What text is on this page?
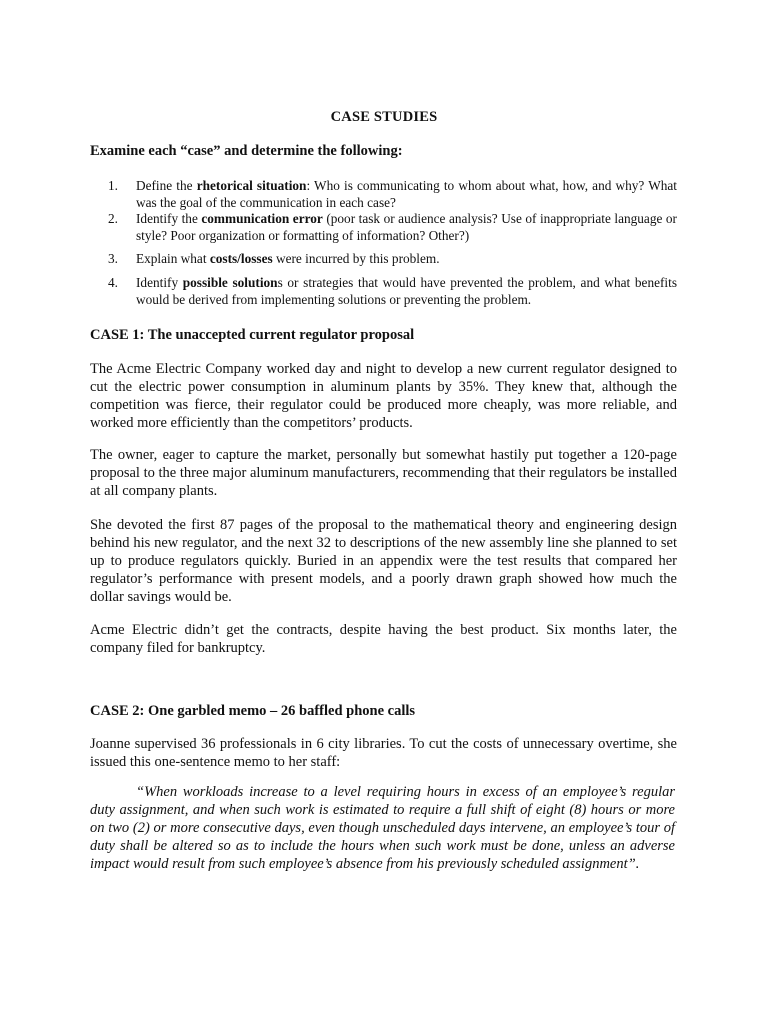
CASE STUDIES
Examine each “case” and determine the following:
1.	Define the rhetorical situation: Who is communicating to whom about what, how, and why? What was the goal of the communication in each case?
2.	Identify the communication error (poor task or audience analysis? Use of inappropriate language or style? Poor organization or formatting of information? Other?)
3.	Explain what costs/losses were incurred by this problem.
4.	Identify possible solutions or strategies that would have prevented the problem, and what benefits would be derived from implementing solutions or preventing the problem.
CASE 1: The unaccepted current regulator proposal
The Acme Electric Company worked day and night to develop a new current regulator designed to cut the electric power consumption in aluminum plants by 35%. They knew that, although the competition was fierce, their regulator could be produced more cheaply, was more reliable, and worked more efficiently than the competitors’ products.
The owner, eager to capture the market, personally but somewhat hastily put together a 120-page proposal to the three major aluminum manufacturers, recommending that their regulators be installed at all company plants.
She devoted the first 87 pages of the proposal to the mathematical theory and engineering design behind his new regulator, and the next 32 to descriptions of the new assembly line she planned to set up to produce regulators quickly. Buried in an appendix were the test results that compared her regulator’s performance with present models, and a poorly drawn graph showed how much the dollar savings would be.
Acme Electric didn’t get the contracts, despite having the best product. Six months later, the company filed for bankruptcy.
CASE 2: One garbled memo – 26 baffled phone calls
Joanne supervised 36 professionals in 6 city libraries. To cut the costs of unnecessary overtime, she issued this one-sentence memo to her staff:
“When workloads increase to a level requiring hours in excess of an employee’s regular duty assignment, and when such work is estimated to require a full shift of eight (8) hours or more on two (2) or more consecutive days, even though unscheduled days intervene, an employee’s tour of duty shall be altered so as to include the hours when such work must be done, unless an adverse impact would result from such employee’s absence from his previously scheduled assignment”.
